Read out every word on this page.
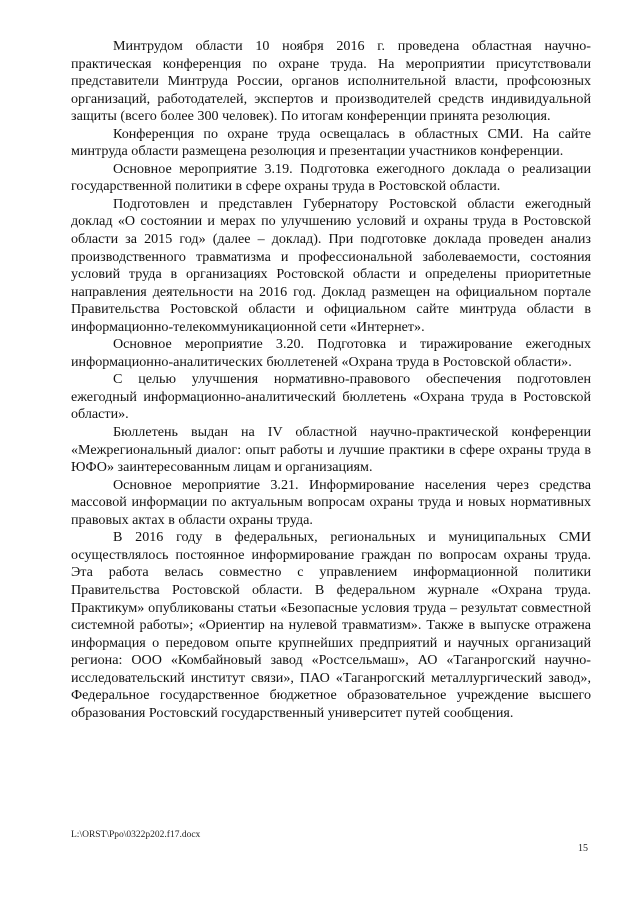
Минтрудом области 10 ноября 2016 г. проведена областная научно-практическая конференция по охране труда. На мероприятии присутствовали представители Минтруда России, органов исполнительной власти, профсоюзных организаций, работодателей, экспертов и производителей средств индивидуальной защиты (всего более 300 человек). По итогам конференции принята резолюция.

Конференция по охране труда освещалась в областных СМИ. На сайте минтруда области размещена резолюция и презентации участников конференции.

Основное мероприятие 3.19. Подготовка ежегодного доклада о реализации государственной политики в сфере охраны труда в Ростовской области.

Подготовлен и представлен Губернатору Ростовской области ежегодный доклад «О состоянии и мерах по улучшению условий и охраны труда в Ростовской области за 2015 год» (далее – доклад). При подготовке доклада проведен анализ производственного травматизма и профессиональной заболеваемости, состояния условий труда в организациях Ростовской области и определены приоритетные направления деятельности на 2016 год. Доклад размещен на официальном портале Правительства Ростовской области и официальном сайте минтруда области в информационно-телекоммуникационной сети «Интернет».

Основное мероприятие 3.20. Подготовка и тиражирование ежегодных информационно-аналитических бюллетеней «Охрана труда в Ростовской области».

С целью улучшения нормативно-правового обеспечения подготовлен ежегодный информационно-аналитический бюллетень «Охрана труда в Ростовской области».

Бюллетень выдан на IV областной научно-практической конференции «Межрегиональный диалог: опыт работы и лучшие практики в сфере охраны труда в ЮФО» заинтересованным лицам и организациям.

Основное мероприятие 3.21. Информирование населения через средства массовой информации по актуальным вопросам охраны труда и новых нормативных правовых актах в области охраны труда.

В 2016 году в федеральных, региональных и муниципальных СМИ осуществлялось постоянное информирование граждан по вопросам охраны труда. Эта работа велась совместно с управлением информационной политики Правительства Ростовской области. В федеральном журнале «Охрана труда. Практикум» опубликованы статьи «Безопасные условия труда – результат совместной системной работы»; «Ориентир на нулевой травматизм». Также в выпуске отражена информация о передовом опыте крупнейших предприятий и научных организаций региона: ООО «Комбайновый завод «Ростсельмаш», АО «Таганрогский научно-исследовательский институт связи», ПАО «Таганрогский металлургический завод», Федеральное государственное бюджетное образовательное учреждение высшего образования Ростовский государственный университет путей сообщения.

L:\ORST\Ppo\0322p202.f17.docx
15
